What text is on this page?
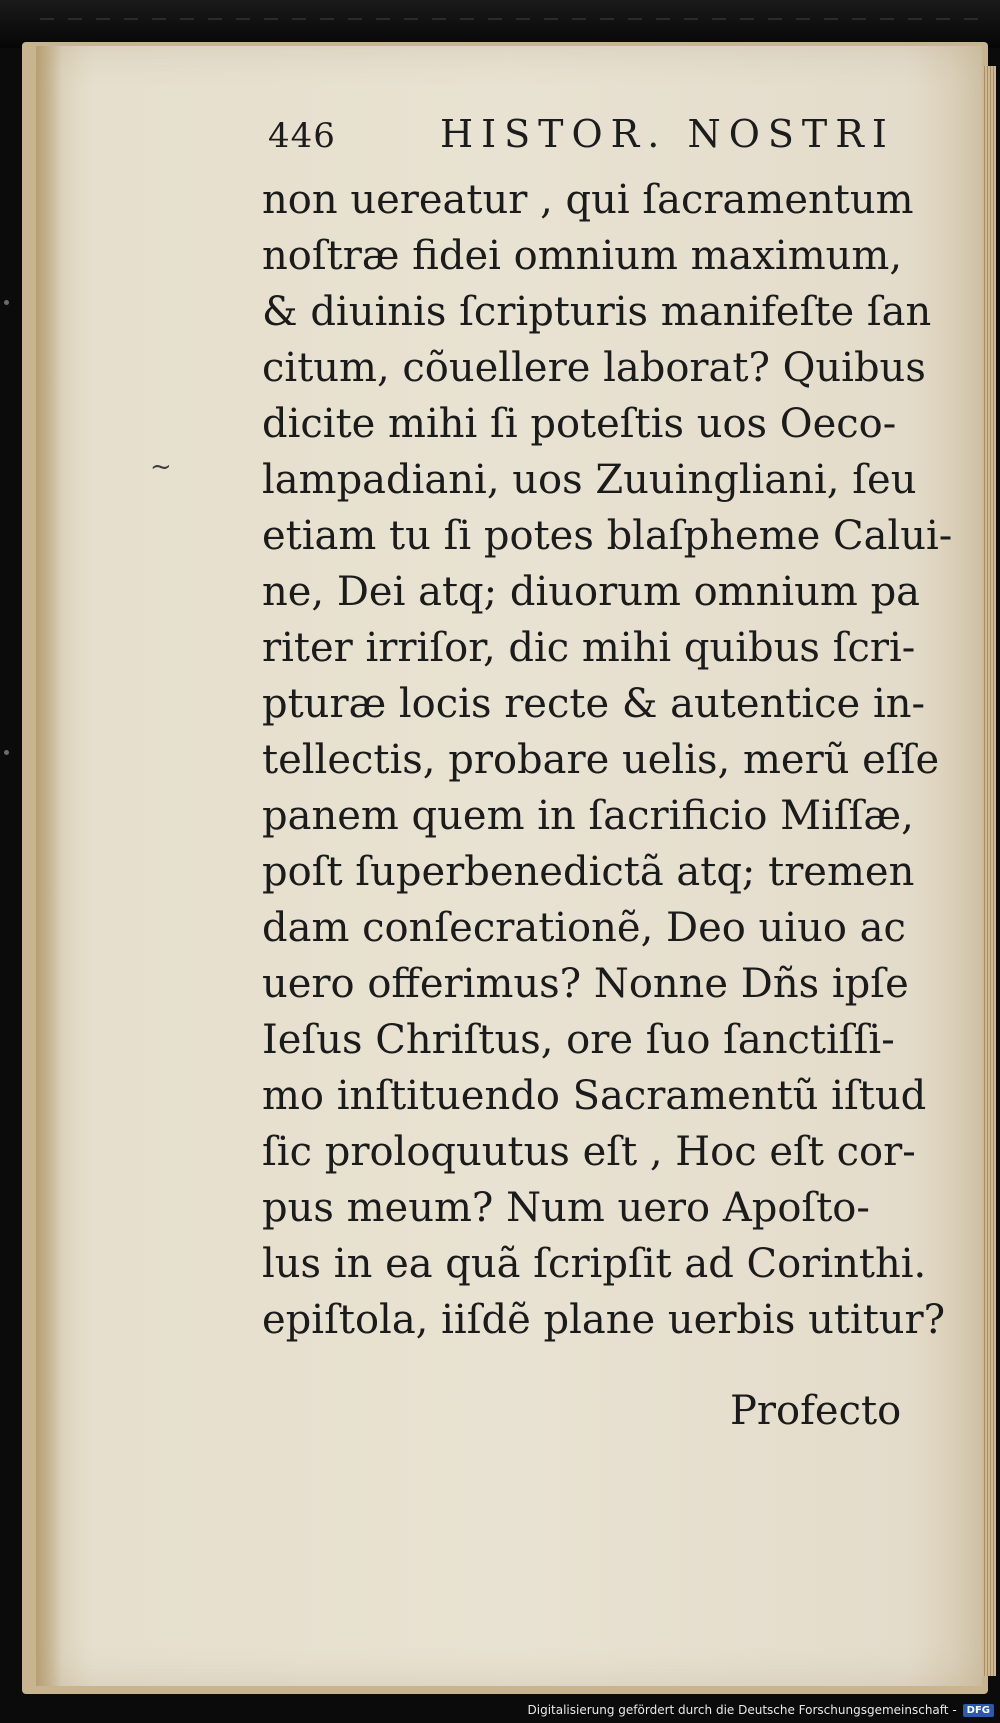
~
446	HISTOR. NOSTRI
non uereatur , qui ſacramentum
noſtræ fidei omnium maximum,
& diuinis ſcripturis manifeſte ſan
citum, cõuellere laborat? Quibus
dicite mihi ſi poteſtis uos Oeco-
lampadiani, uos Zuuingliani, ſeu
etiam tu ſi potes blaſpheme Calui-
ne, Dei atq; diuorum omnium pa
riter irriſor, dic mihi quibus ſcri-
pturæ locis recte & autentice in-
tellectis, probare uelis, merũ eſſe
panem quem in ſacrificio Miſſæ,
poſt ſuperbenedictã atq; tremen
dam conſecrationẽ, Deo uiuo ac
uero offerimus? Nonne Dñs ipſe
Ieſus Chriſtus, ore ſuo ſanctiſſi-
mo inſtituendo Sacramentũ iſtud
ſic proloquutus eſt , Hoc eſt cor-
pus meum? Num uero Apoſto-
lus in ea quã ſcripſit ad Corinthi.
epiſtola, iiſdẽ plane uerbis utitur?
Profecto
Digitalisierung gefördert durch die Deutsche Forschungsgemeinschaft -	DFG
